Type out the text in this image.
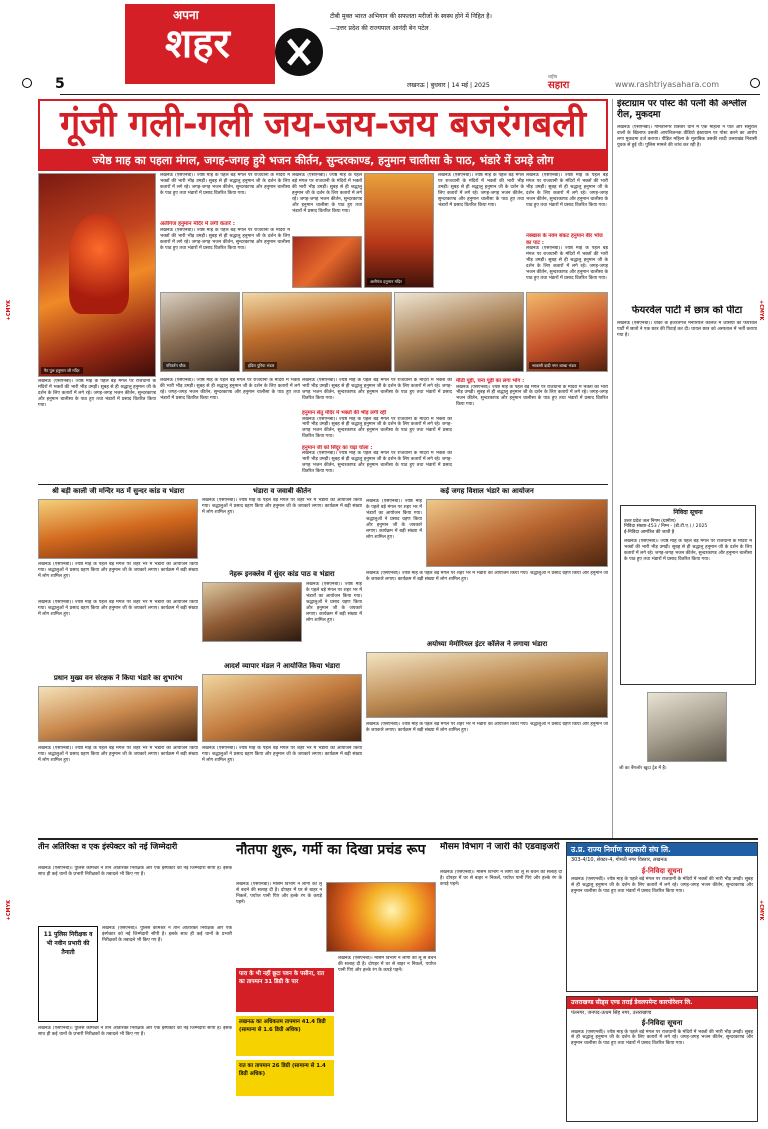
+CMYK
+CMYK
+CMYK
+CMYK
अपना
शहर
टीबी मुक्त भारत अभियान की सफलता मरीजों के स्वस्थ होने में निहित है।
—उत्तर प्रदेश की राज्यपाल आनंदी बेन पटेल
5	लखनऊ | बुधवार | 14 मई | 2025
राष्ट्रीय
सहारा	www.rashtriyasahara.com
गूंजी गली-गली जय-जय-जय बजरंगबली
ज्येष्ठ माह का पहला मंगल, जगह-जगह हुये भजन कीर्तन, सुन्दरकाण्ड, हनुमान चालीसा के पाठ, भंडारे में उमड़े लोग
नैट पुल हनुमान जी मंदिर
लखनऊ (एसएनबी)। ज्येष्ठ माह के पहले बड़े मंगल पर राजधानी के मंदिरों में भक्तों की भारी भीड़ उमड़ी। सुबह से ही श्रद्धालु हनुमान जी के दर्शन के लिए कतारों में लगे रहे। जगह-जगह भजन कीर्तन, सुन्दरकाण्ड और हनुमान चालीसा के पाठ हुए तथा भंडारों में प्रसाद वितरित किया गया।
अलीगंज हनुमान मंदिर में लगी कतारें :
लखनऊ (एसएनबी)। ज्येष्ठ माह के पहले बड़े मंगल पर राजधानी के मंदिरों में भक्तों की भारी भीड़ उमड़ी। सुबह से ही श्रद्धालु हनुमान जी के दर्शन के लिए कतारों में लगे रहे। जगह-जगह भजन कीर्तन, सुन्दरकाण्ड और हनुमान चालीसा के पाठ हुए तथा भंडारों में प्रसाद वितरित किया गया।
लखनऊ (एसएनबी)। ज्येष्ठ माह के पहले बड़े मंगल पर राजधानी के मंदिरों में भक्तों की भारी भीड़ उमड़ी। सुबह से ही श्रद्धालु हनुमान जी के दर्शन के लिए कतारों में लगे रहे। जगह-जगह भजन कीर्तन, सुन्दरकाण्ड और हनुमान चालीसा के पाठ हुए तथा भंडारों में प्रसाद वितरित किया गया।
अलीगंज हनुमान मंदिर
लखनऊ (एसएनबी)। ज्येष्ठ माह के पहले बड़े मंगल पर राजधानी के मंदिरों में भक्तों की भारी भीड़ उमड़ी। सुबह से ही श्रद्धालु हनुमान जी के दर्शन के लिए कतारों में लगे रहे। जगह-जगह भजन कीर्तन, सुन्दरकाण्ड और हनुमान चालीसा के पाठ हुए तथा भंडारों में प्रसाद वितरित किया गया।
लखनऊ (एसएनबी)। ज्येष्ठ माह के पहले बड़े मंगल पर राजधानी के मंदिरों में भक्तों की भारी भीड़ उमड़ी। सुबह से ही श्रद्धालु हनुमान जी के दर्शन के लिए कतारों में लगे रहे। जगह-जगह भजन कीर्तन, सुन्दरकाण्ड और हनुमान चालीसा के पाठ हुए तथा भंडारों में प्रसाद वितरित किया गया।
नक्खास के नवम संकट हनुमान बीर भोज का पाट :
लखनऊ (एसएनबी)। ज्येष्ठ माह के पहले बड़े मंगल पर राजधानी के मंदिरों में भक्तों की भारी भीड़ उमड़ी। सुबह से ही श्रद्धालु हनुमान जी के दर्शन के लिए कतारों में लगे रहे। जगह-जगह भजन कीर्तन, सुन्दरकाण्ड और हनुमान चालीसा के पाठ हुए तथा भंडारों में प्रसाद वितरित किया गया।
परिवर्तन चौक	इंदिरा पुरिया भंडार	श्रावस्ती दादी नगर शाखा भंडार
लखनऊ (एसएनबी)। ज्येष्ठ माह के पहले बड़े मंगल पर राजधानी के मंदिरों में भक्तों की भारी भीड़ उमड़ी। सुबह से ही श्रद्धालु हनुमान जी के दर्शन के लिए कतारों में लगे रहे। जगह-जगह भजन कीर्तन, सुन्दरकाण्ड और हनुमान चालीसा के पाठ हुए तथा भंडारों में प्रसाद वितरित किया गया।
लखनऊ (एसएनबी)। ज्येष्ठ माह के पहले बड़े मंगल पर राजधानी के मंदिरों में भक्तों की भारी भीड़ उमड़ी। सुबह से ही श्रद्धालु हनुमान जी के दर्शन के लिए कतारों में लगे रहे। जगह-जगह भजन कीर्तन, सुन्दरकाण्ड और हनुमान चालीसा के पाठ हुए तथा भंडारों में प्रसाद वितरित किया गया।
लखनऊ (एसएनबी)। ज्येष्ठ माह के पहले बड़े मंगल पर राजधानी के मंदिरों में भक्तों की भारी भीड़ उमड़ी। सुबह से ही श्रद्धालु हनुमान जी के दर्शन के लिए कतारों में लगे रहे। जगह-जगह भजन कीर्तन, सुन्दरकाण्ड और हनुमान चालीसा के पाठ हुए तथा भंडारों में प्रसाद वितरित किया गया।
हनुमान सेतु मंदिर में भक्तों की भीड़ लगी रही
लखनऊ (एसएनबी)। ज्येष्ठ माह के पहले बड़े मंगल पर राजधानी के मंदिरों में भक्तों की भारी भीड़ उमड़ी। सुबह से ही श्रद्धालु हनुमान जी के दर्शन के लिए कतारों में लगे रहे। जगह-जगह भजन कीर्तन, सुन्दरकाण्ड और हनुमान चालीसा के पाठ हुए तथा भंडारों में प्रसाद वितरित किया गया।
हनुमान जी को सिंदूर का चढ़ा चोला :
लखनऊ (एसएनबी)। ज्येष्ठ माह के पहले बड़े मंगल पर राजधानी के मंदिरों में भक्तों की भारी भीड़ उमड़ी। सुबह से ही श्रद्धालु हनुमान जी के दर्शन के लिए कतारों में लगे रहे। जगह-जगह भजन कीर्तन, सुन्दरकाण्ड और हनुमान चालीसा के पाठ हुए तथा भंडारों में प्रसाद वितरित किया गया।
मीठी पूड़ी, चना पूड़ी का लगा भोग :
लखनऊ (एसएनबी)। ज्येष्ठ माह के पहले बड़े मंगल पर राजधानी के मंदिरों में भक्तों की भारी भीड़ उमड़ी। सुबह से ही श्रद्धालु हनुमान जी के दर्शन के लिए कतारों में लगे रहे। जगह-जगह भजन कीर्तन, सुन्दरकाण्ड और हनुमान चालीसा के पाठ हुए तथा भंडारों में प्रसाद वितरित किया गया।
इंस्टाग्राम पर पोस्ट की पत्नी की अश्लील रील, मुकदमा
लखनऊ (एसएनबी)। गोमतीनगर विस्तार थाने में एक महिला ने पति और ससुराल वालों के खिलाफ उसकी आपत्तिजनक वीडियो इंस्टाग्राम पर पोस्ट करने का आरोप लगा मुकदमा दर्ज कराया। पीड़ित महिला के मुताबिक उसकी शादी उत्तराखंड निवासी युवक से हुई थी। पुलिस मामले की जांच कर रही है।
फेयरवेल पार्टी में छात्र को पीटा
लखनऊ (एसएनबी)। चौकी के हजरतगंज मेनोरियल कॉलेज में जसियों की फेयरवेल पार्टी में छात्रों ने एक छात्र की पिटाई कर दी। घायल छात्र को अस्पताल में भर्ती कराया गया है।
निविदा सूचना
उत्तर प्रदेश जल निगम (ग्रामीण)
निविदा संख्या-453 / निम्न - (डी.टी.ए.) / 2025
ई-निविदा आमंत्रित की जाती है
लखनऊ (एसएनबी)। ज्येष्ठ माह के पहले बड़े मंगल पर राजधानी के मंदिरों में भक्तों की भारी भीड़ उमड़ी। सुबह से ही श्रद्धालु हनुमान जी के दर्शन के लिए कतारों में लगे रहे। जगह-जगह भजन कीर्तन, सुन्दरकाण्ड और हनुमान चालीसा के पाठ हुए तथा भंडारों में प्रसाद वितरित किया गया।
श्री बड़ी काली जी मन्दिर मठ में सुन्दर कांड व भंडारा
लखनऊ (एसएनबी)। ज्येष्ठ माह के पहले बड़े मंगल पर शहर भर में भंडारों का आयोजन किया गया। श्रद्धालुओं ने प्रसाद ग्रहण किया और हनुमान जी के जयकारे लगाए। कार्यक्रम में बड़ी संख्या में लोग शामिल हुए।
भंडारा व जवाबी कीर्तन
लखनऊ (एसएनबी)। ज्येष्ठ माह के पहले बड़े मंगल पर शहर भर में भंडारों का आयोजन किया गया। श्रद्धालुओं ने प्रसाद ग्रहण किया और हनुमान जी के जयकारे लगाए। कार्यक्रम में बड़ी संख्या में लोग शामिल हुए।
कई जगह विशाल भंडारे का आयोजन
लखनऊ (एसएनबी)। ज्येष्ठ माह के पहले बड़े मंगल पर शहर भर में भंडारों का आयोजन किया गया। श्रद्धालुओं ने प्रसाद ग्रहण किया और हनुमान जी के जयकारे लगाए। कार्यक्रम में बड़ी संख्या में लोग शामिल हुए।
लखनऊ (एसएनबी)। ज्येष्ठ माह के पहले बड़े मंगल पर शहर भर में भंडारों का आयोजन किया गया। श्रद्धालुओं ने प्रसाद ग्रहण किया और हनुमान जी के जयकारे लगाए। कार्यक्रम में बड़ी संख्या में लोग शामिल हुए।
नेहरू इनक्लेव में सुंदर कांड पाठ व भंडारा
लखनऊ (एसएनबी)। ज्येष्ठ माह के पहले बड़े मंगल पर शहर भर में भंडारों का आयोजन किया गया। श्रद्धालुओं ने प्रसाद ग्रहण किया और हनुमान जी के जयकारे लगाए। कार्यक्रम में बड़ी संख्या में लोग शामिल हुए।
लखनऊ (एसएनबी)। ज्येष्ठ माह के पहले बड़े मंगल पर शहर भर में भंडारों का आयोजन किया गया। श्रद्धालुओं ने प्रसाद ग्रहण किया और हनुमान जी के जयकारे लगाए। कार्यक्रम में बड़ी संख्या में लोग शामिल हुए।
अयोध्या मेमोरियल इंटर कॉलेज ने लगाया भंडारा
प्रधान मुख्य वन संरक्षक ने किया भंडारे का शुभारंभ
लखनऊ (एसएनबी)। ज्येष्ठ माह के पहले बड़े मंगल पर शहर भर में भंडारों का आयोजन किया गया। श्रद्धालुओं ने प्रसाद ग्रहण किया और हनुमान जी के जयकारे लगाए। कार्यक्रम में बड़ी संख्या में लोग शामिल हुए।
आदर्श व्यापार मंडल ने आयोजित किया भंडारा
लखनऊ (एसएनबी)। ज्येष्ठ माह के पहले बड़े मंगल पर शहर भर में भंडारों का आयोजन किया गया। श्रद्धालुओं ने प्रसाद ग्रहण किया और हनुमान जी के जयकारे लगाए। कार्यक्रम में बड़ी संख्या में लोग शामिल हुए।
लखनऊ (एसएनबी)। ज्येष्ठ माह के पहले बड़े मंगल पर शहर भर में भंडारों का आयोजन किया गया। श्रद्धालुओं ने प्रसाद ग्रहण किया और हनुमान जी के जयकारे लगाए। कार्यक्रम में बड़ी संख्या में लोग शामिल हुए।
तीन अतिरिक्त व एक इंस्पेक्टर को नई जिम्मेदारी
लखनऊ (एसएनबी)। पुलिस कमिश्नर ने तीन अतिरिक्त निरीक्षक और एक इंस्पेक्टर को नई जिम्मेदारी सौंपी है। इसके साथ ही कई थानों के प्रभारी निरीक्षकों के तबादले भी किए गए हैं।
11 पुलिस निरीक्षक व भी नवीन प्रभारी की तैनाती
लखनऊ (एसएनबी)। पुलिस कमिश्नर ने तीन अतिरिक्त निरीक्षक और एक इंस्पेक्टर को नई जिम्मेदारी सौंपी है। इसके साथ ही कई थानों के प्रभारी निरीक्षकों के तबादले भी किए गए हैं।
लखनऊ (एसएनबी)। पुलिस कमिश्नर ने तीन अतिरिक्त निरीक्षक और एक इंस्पेक्टर को नई जिम्मेदारी सौंपी है। इसके साथ ही कई थानों के प्रभारी निरीक्षकों के तबादले भी किए गए हैं।
नौतपा शुरू, गर्मी का दिखा प्रचंड रूप
लखनऊ (एसएनबी)। मौसम विभाग ने लोगों को लू से बचने की सलाह दी है। दोपहर में घर से बाहर न निकलें, पर्याप्त पानी पिएं और हल्के रंग के कपड़े पहनें।
पारा के भी नहीं छूटा पवन के पसीना, रात का तापमान 31 डिग्री के पार
लखनऊ का अधिकतम तापमान 41.4 डिग्री (सामान्य से 1.6 डिग्री अधिक)
रात का तापमान 26 डिग्री (सामान्य से 1.4 डिग्री अधिक)
लखनऊ (एसएनबी)। मौसम विभाग ने लोगों को लू से बचने की सलाह दी है। दोपहर में घर से बाहर न निकलें, पर्याप्त पानी पिएं और हल्के रंग के कपड़े पहनें।
मौसम विभाग ने जारी की एडवाइजरी
लखनऊ (एसएनबी)। मौसम विभाग ने लोगों को लू से बचने की सलाह दी है। दोपहर में घर से बाहर न निकलें, पर्याप्त पानी पिएं और हल्के रंग के कपड़े पहनें।
उ.प्र. राज्य निर्माण सहकारी संघ लि.
303-4/10, सेक्टर-4, गोमती नगर विस्तार, लखनऊ
ई-निविदा सूचना
लखनऊ (एसएनबी)। ज्येष्ठ माह के पहले बड़े मंगल पर राजधानी के मंदिरों में भक्तों की भारी भीड़ उमड़ी। सुबह से ही श्रद्धालु हनुमान जी के दर्शन के लिए कतारों में लगे रहे। जगह-जगह भजन कीर्तन, सुन्दरकाण्ड और हनुमान चालीसा के पाठ हुए तथा भंडारों में प्रसाद वितरित किया गया।
उत्तराखण्ड सीड्स एण्ड तराई डेवलपमेन्ट कारपोरेशन लि.
पंतनगर, जनपद-ऊधम सिंह नगर, उत्तराखण्ड
ई-निविदा सूचना
लखनऊ (एसएनबी)। ज्येष्ठ माह के पहले बड़े मंगल पर राजधानी के मंदिरों में भक्तों की भारी भीड़ उमड़ी। सुबह से ही श्रद्धालु हनुमान जी के दर्शन के लिए कतारों में लगे रहे। जगह-जगह भजन कीर्तन, सुन्दरकाण्ड और हनुमान चालीसा के पाठ हुए तथा भंडारों में प्रसाद वितरित किया गया।
जी का बैंगलॉर खुदा ट्रेड में है।
